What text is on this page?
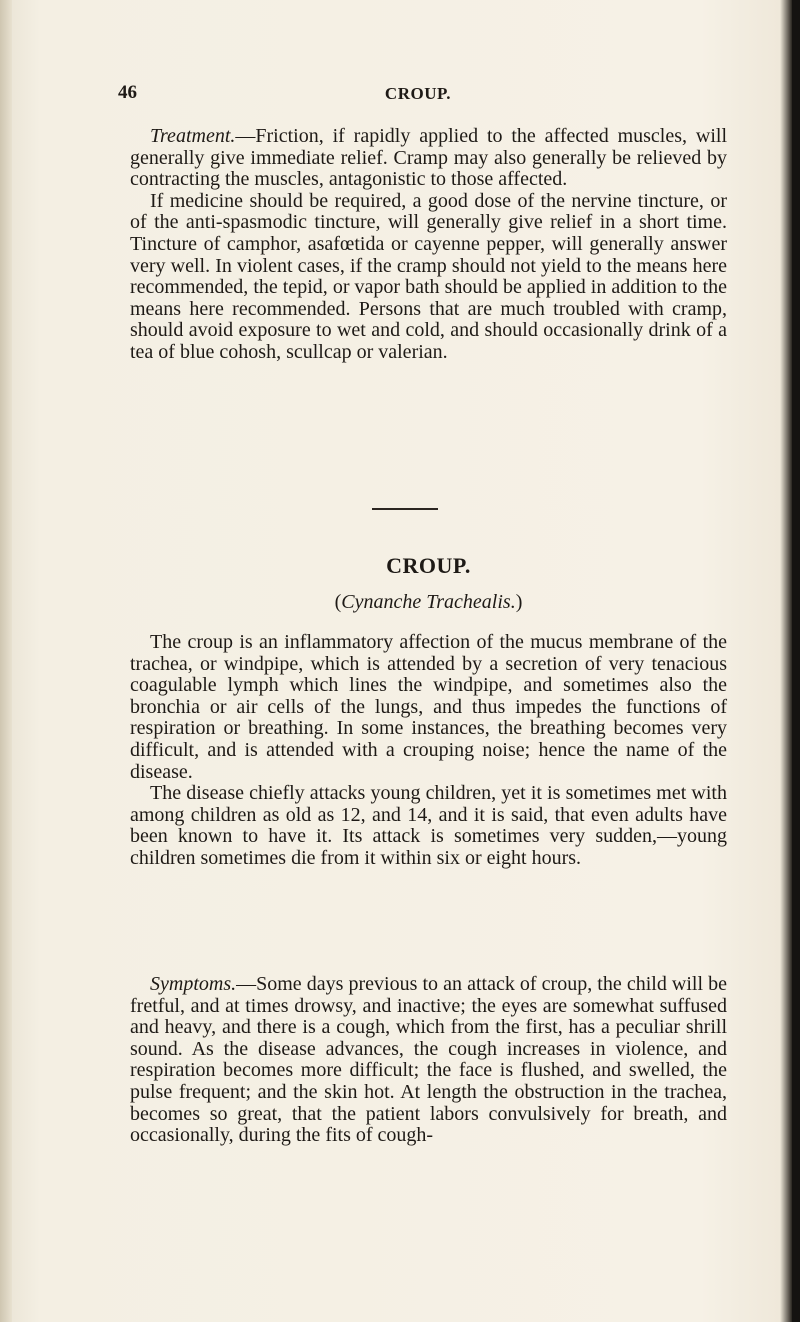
46	CROUP.

Treatment.—Friction, if rapidly applied to the affected muscles, will generally give immediate relief. Cramp may also generally be relieved by contracting the muscles, antagonistic to those affected.

If medicine should be required, a good dose of the nervine tincture, or of the anti-spasmodic tincture, will generally give relief in a short time. Tincture of camphor, asafœtida or cayenne pepper, will generally answer very well. In violent cases, if the cramp should not yield to the means here recommended, the tepid, or vapor bath should be applied in addition to the means here recommended. Persons that are much troubled with cramp, should avoid exposure to wet and cold, and should occasionally drink of a tea of blue cohosh, scullcap or valerian.

CROUP.
(Cynanche Trachealis.)

The croup is an inflammatory affection of the mucus membrane of the trachea, or windpipe, which is attended by a secretion of very tenacious coagulable lymph which lines the windpipe, and sometimes also the bronchia or air cells of the lungs, and thus impedes the functions of respiration or breathing. In some instances, the breathing becomes very difficult, and is attended with a crouping noise; hence the name of the disease.

The disease chiefly attacks young children, yet it is sometimes met with among children as old as 12, and 14, and it is said, that even adults have been known to have it. Its attack is sometimes very sudden,—young children sometimes die from it within six or eight hours.

Symptoms.—Some days previous to an attack of croup, the child will be fretful, and at times drowsy, and inactive; the eyes are somewhat suffused and heavy, and there is a cough, which from the first, has a peculiar shrill sound. As the disease advances, the cough increases in violence, and respiration becomes more difficult; the face is flushed, and swelled, the pulse frequent; and the skin hot. At length the obstruction in the trachea, becomes so great, that the patient labors convulsively for breath, and occasionally, during the fits of cough-
